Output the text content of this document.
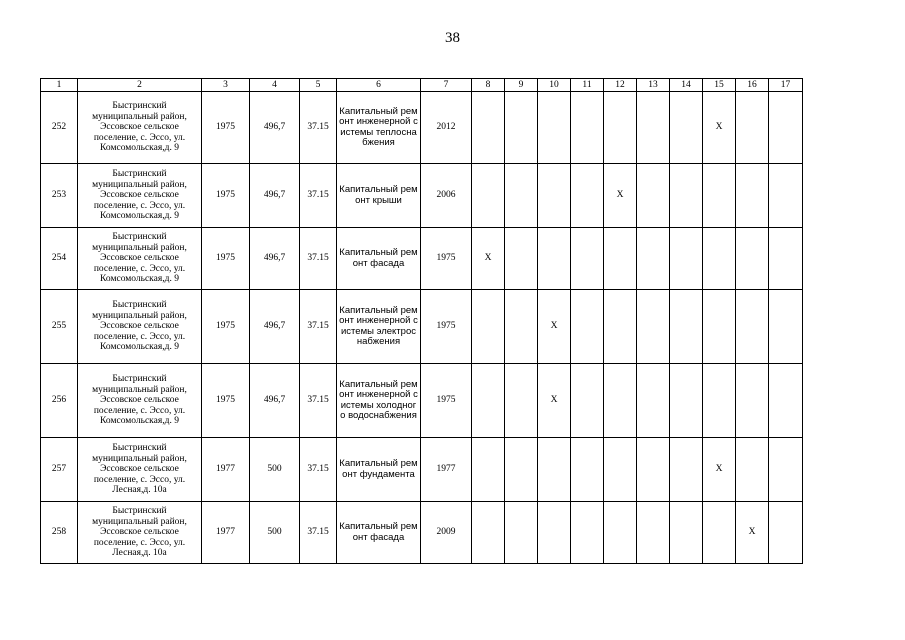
38
1	2	3	4	5	6	7	8	9	10	11	12	13	14	15	16	17
252	Быстринский муниципальный район, Эссовское сельское поселение, с. Эссо, ул. Комсомольская,д. 9	1975	496,7	37.15	Капитальный ремонт инженерной системы теплоснабжения	2012								X		
253	Быстринский муниципальный район, Эссовское сельское поселение, с. Эссо, ул. Комсомольская,д. 9	1975	496,7	37.15	Капитальный ремонт крыши	2006					X					
254	Быстринский муниципальный район, Эссовское сельское поселение, с. Эссо, ул. Комсомольская,д. 9	1975	496,7	37.15	Капитальный ремонт фасада	1975	X									
255	Быстринский муниципальный район, Эссовское сельское поселение, с. Эссо, ул. Комсомольская,д. 9	1975	496,7	37.15	Капитальный ремонт инженерной системы электроснабжения	1975			X							
256	Быстринский муниципальный район, Эссовское сельское поселение, с. Эссо, ул. Комсомольская,д. 9	1975	496,7	37.15	Капитальный ремонт инженерной системы холодного водоснабжения	1975			X							
257	Быстринский муниципальный район, Эссовское сельское поселение, с. Эссо, ул. Лесная,д. 10а	1977	500	37.15	Капитальный ремонт фундамента	1977								X		
258	Быстринский муниципальный район, Эссовское сельское поселение, с. Эссо, ул. Лесная,д. 10а	1977	500	37.15	Капитальный ремонт фасада	2009									X	
